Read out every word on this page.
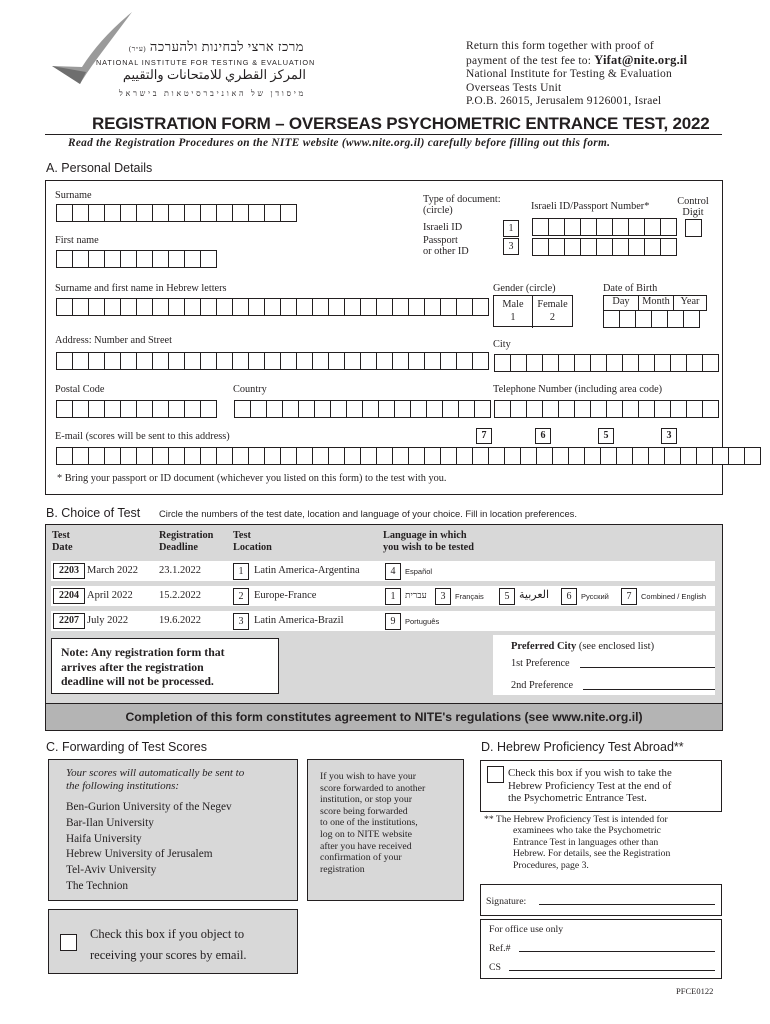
מרכז ארצי לבחינות ולהערכה (ע״ר)
NATIONAL INSTITUTE FOR TESTING & EVALUATION
المركز القطري للامتحانات والتقييم
מיסודן של האוניברסיטאות בישראל
Return this form together with proof of
payment of the test fee to: Yifat@nite.org.il
National Institute for Testing & Evaluation
Overseas Tests Unit
P.O.B. 26015, Jerusalem 9126001, Israel
REGISTRATION FORM – OVERSEAS PSYCHOMETRIC ENTRANCE TEST, 2022
Read the Registration Procedures on the NITE website (www.nite.org.il) carefully before filling out this form.
A. Personal Details
Surname
First name
Type of document:
(circle)
Israeli ID
Passport
or other ID
1
3
Israeli ID/Passport Number*	Control
Digit
Surname and first name in Hebrew letters	Gender (circle)
Male
1
Female
2
Date of Birth
Day	Month	Year
Address: Number and Street	City
Postal Code	Country	Telephone Number (including area code)
E-mail (scores will be sent to this address)	7	6	5	3
* Bring your passport or ID document (whichever you listed on this form) to the test with you.
B. Choice of Test Circle the numbers of the test date, location and language of your choice. Fill in location preferences.
Test
Date
Registration
Deadline
Test
Location
Language in which
you wish to be tested
2203 March 2022 23.1.2022	1	Latin America-Argentina	4	Español
2204 April 2022 15.2.2022	2	Europe-France	1	עברית	3	Français	5 العربية	6	Русский	7	Combined / English
2207 July 2022	19.6.2022	3	Latin America-Brazil	9	Português
Note: Any registration form that
arrives after the registration
deadline will not be processed.
Preferred City (see enclosed list)
1st Preference
2nd Preference
Completion of this form constitutes agreement to NITE's regulations (see www.nite.org.il)
C. Forwarding of Test Scores
Your scores will automatically be sent to
the following institutions:
Ben-Gurion University of the Negev
Bar-Ilan University
Haifa University
Hebrew University of Jerusalem
Tel-Aviv University
The Technion
If you wish to have your
score forwarded to another
institution, or stop your
score being forwarded
to one of the institutions,
log on to NITE website
after you have received
confirmation of your
registration
Check this box if you object to
receiving your scores by email.
D. Hebrew Proficiency Test Abroad**
Check this box if you wish to take the
Hebrew Proficiency Test at the end of
the Psychometric Entrance Test.
** The Hebrew Proficiency Test is intended for
examinees who take the Psychometric
Entrance Test in languages other than
Hebrew. For details, see the Registration
Procedures, page 3.
Signature:
For office use only
Ref.#
CS
PFCE0122
